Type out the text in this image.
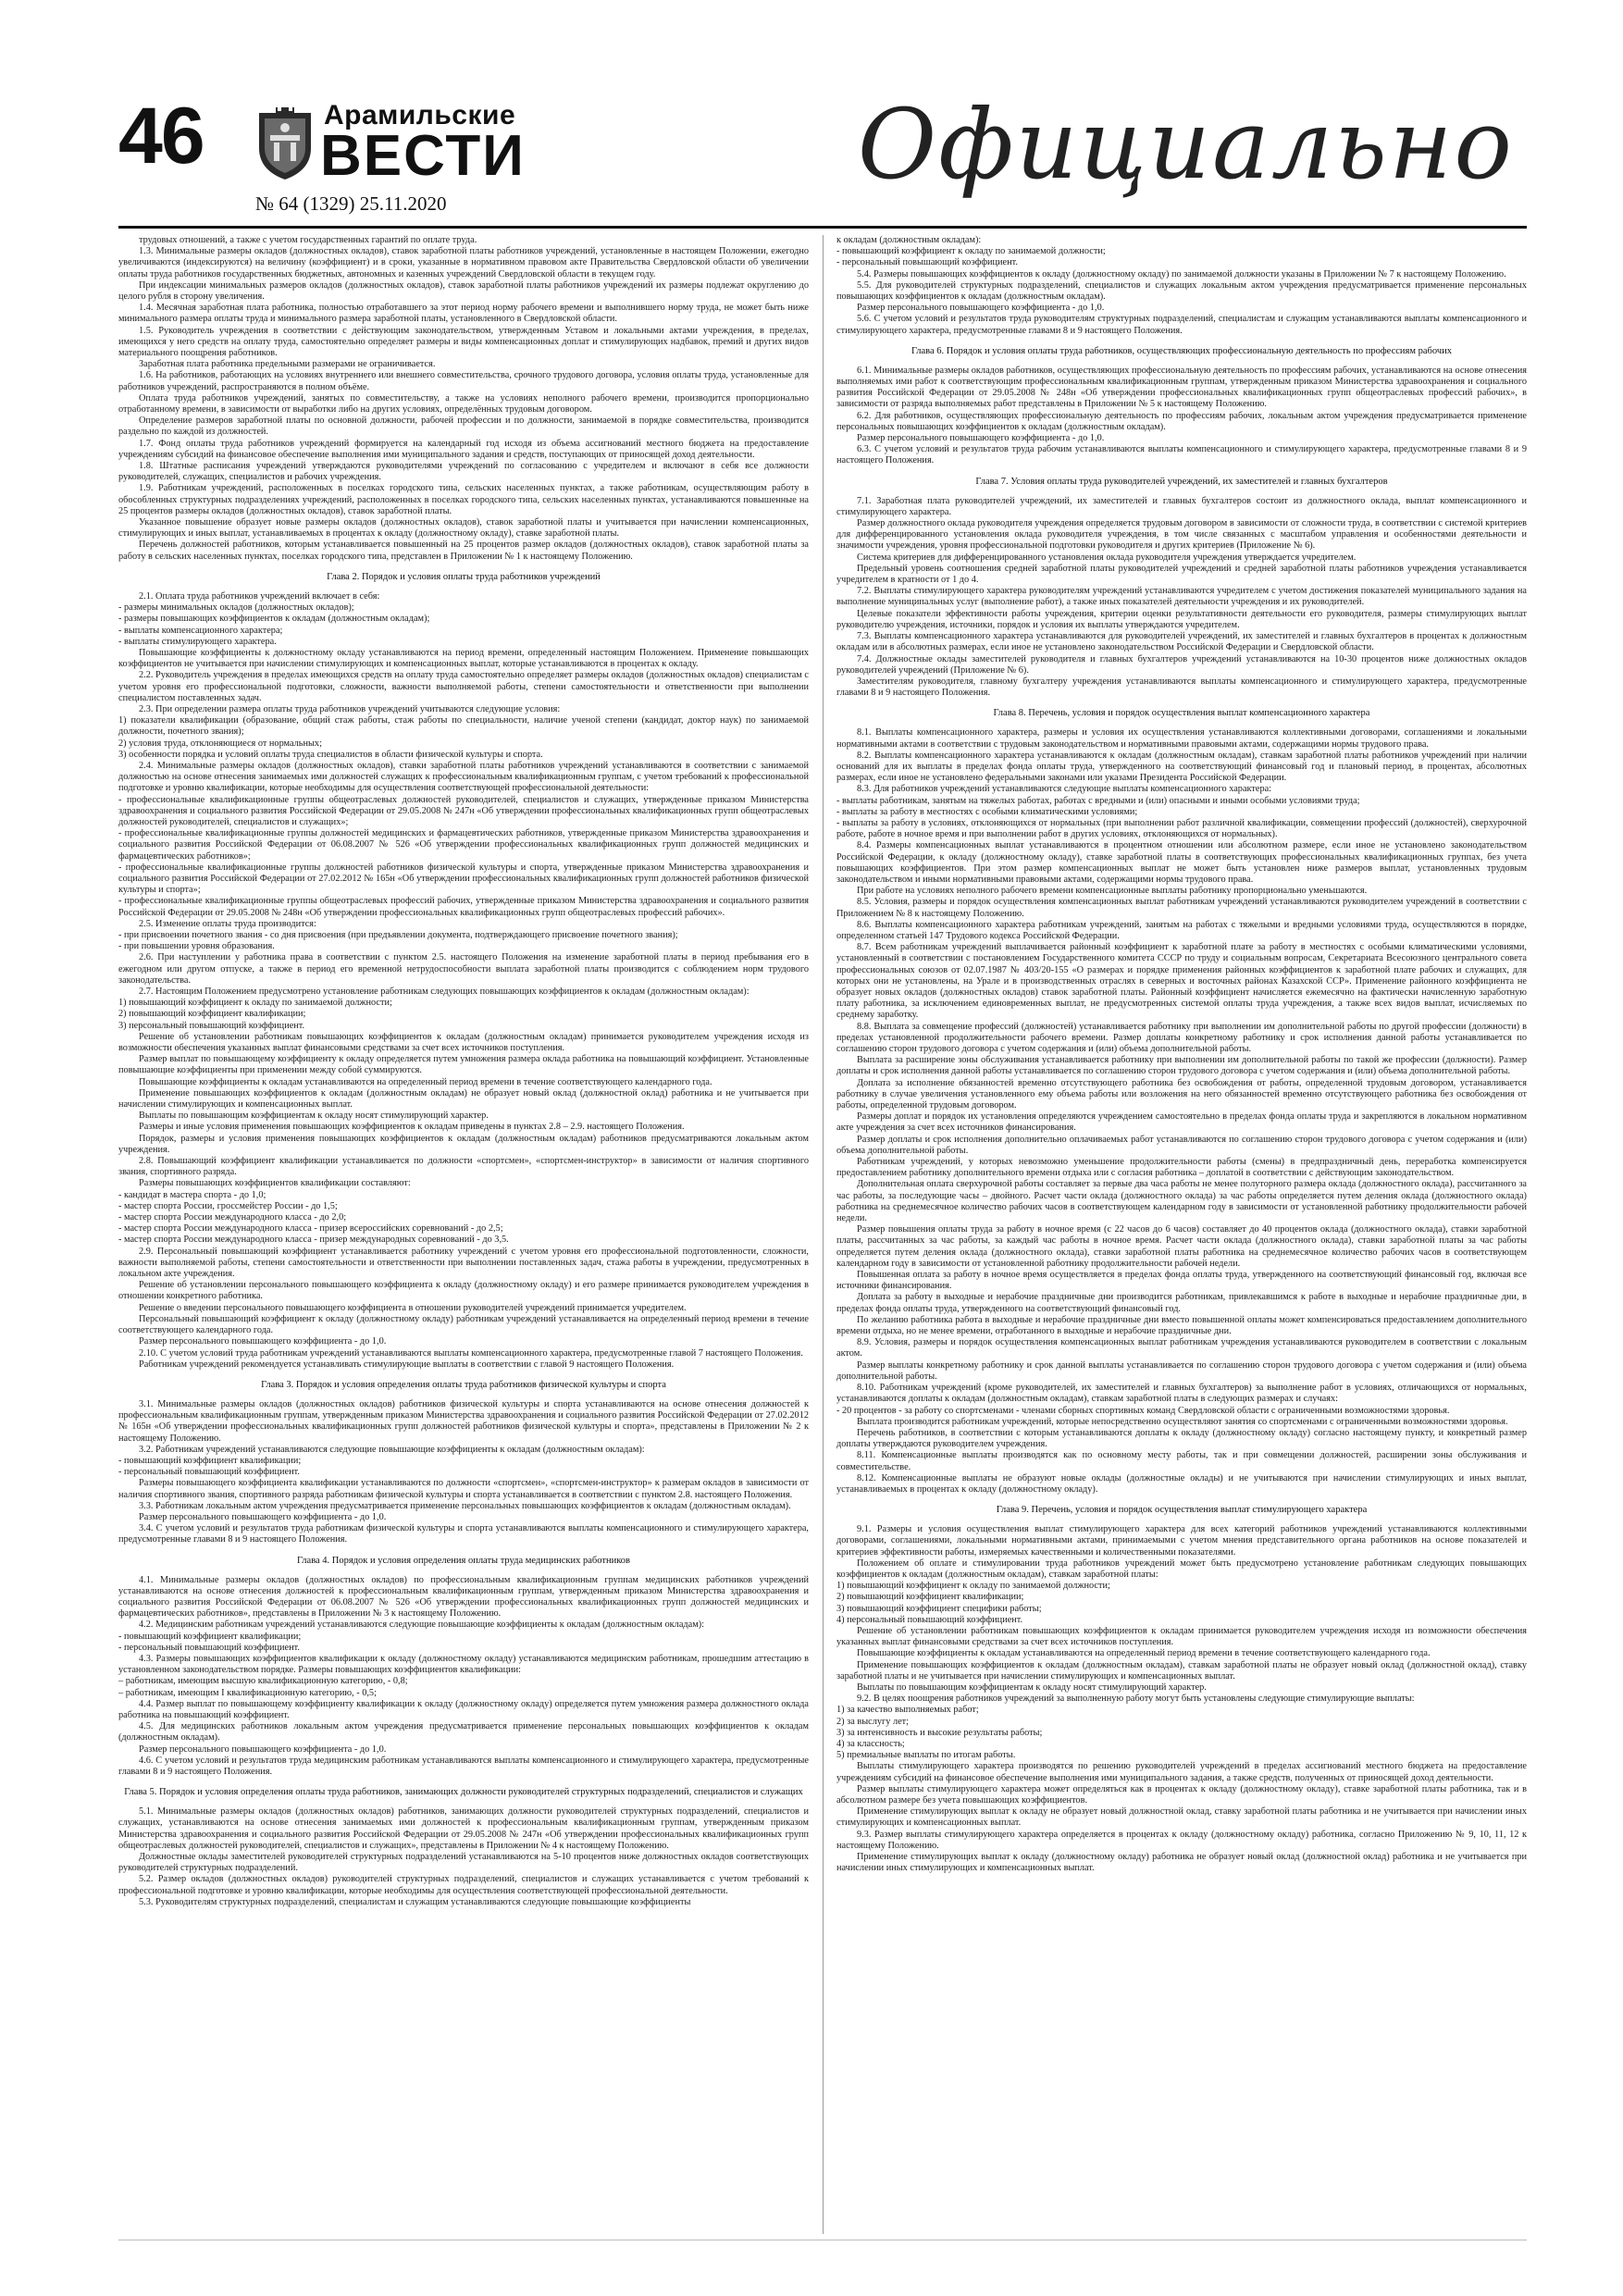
46	Арамильские
ВЕСТИ
№ 64 (1329) 25.11.2020
Официально

трудовых отношений, а также с учетом государственных гарантий по оплате труда.

1.3. Минимальные размеры окладов (должностных окладов), ставок заработной платы работников учреждений, установленные в настоящем Положении, ежегодно увеличиваются (индексируются) на величину (коэффициент) и в сроки, указанные в нормативном правовом акте Правительства Свердловской области об увеличении оплаты труда работников государственных бюджетных, автономных и казенных учреждений Свердловской области в текущем году.

При индексации минимальных размеров окладов (должностных окладов), ставок заработной платы работников учреждений их размеры подлежат округлению до целого рубля в сторону увеличения.

1.4. Месячная заработная плата работника, полностью отработавшего за этот период норму рабочего времени и выполнившего норму труда, не может быть ниже минимального размера оплаты труда и минимального размера заработной платы, установленного в Свердловской области.

1.5. Руководитель учреждения в соответствии с действующим законодательством, утвержденным Уставом и локальными актами учреждения, в пределах, имеющихся у него средств на оплату труда, самостоятельно определяет размеры и виды компенсационных доплат и стимулирующих надбавок, премий и других видов материального поощрения работников.

Заработная плата работника предельными размерами не ограничивается.

1.6. На работников, работающих на условиях внутреннего или внешнего совместительства, срочного трудового договора, условия оплаты труда, установленные для работников учреждений, распространяются в полном объёме.

Оплата труда работников учреждений, занятых по совместительству, а также на условиях неполного рабочего времени, производится пропорционально отработанному времени, в зависимости от выработки либо на других условиях, определённых трудовым договором.

Определение размеров заработной платы по основной должности, рабочей профессии и по должности, занимаемой в порядке совместительства, производится раздельно по каждой из должностей.

1.7. Фонд оплаты труда работников учреждений формируется на календарный год исходя из объема ассигнований местного бюджета на предоставление учреждениям субсидий на финансовое обеспечение выполнения ими муниципального задания и средств, поступающих от приносящей доход деятельности.

1.8. Штатные расписания учреждений утверждаются руководителями учреждений по согласованию с учредителем и включают в себя все должности руководителей, служащих, специалистов и рабочих учреждения.

1.9. Работникам учреждений, расположенных в поселках городского типа, сельских населенных пунктах, а также работникам, осуществляющим работу в обособленных структурных подразделениях учреждений, расположенных в поселках городского типа, сельских населенных пунктах, устанавливаются повышенные на 25 процентов размеры окладов (должностных окладов), ставок заработной платы.

Указанное повышение образует новые размеры окладов (должностных окладов), ставок заработной платы и учитывается при начислении компенсационных, стимулирующих и иных выплат, устанавливаемых в процентах к окладу (должностному окладу), ставке заработной платы.

Перечень должностей работников, которым устанавливается повышенный на 25 процентов размер окладов (должностных окладов), ставок заработной платы за работу в сельских населенных пунктах, поселках городского типа, представлен в Приложении № 1 к настоящему Положению.

Глава 2. Порядок и условия оплаты труда работников учреждений

2.1. Оплата труда работников учреждений включает в себя:

- размеры минимальных окладов (должностных окладов);

- размеры повышающих коэффициентов к окладам (должностным окладам);

- выплаты компенсационного характера;

- выплаты стимулирующего характера.

Повышающие коэффициенты к должностному окладу устанавливаются на период времени, определенный настоящим Положением. Применение повышающих коэффициентов не учитывается при начислении стимулирующих и компенсационных выплат, которые устанавливаются в процентах к окладу.

2.2. Руководитель учреждения в пределах имеющихся средств на оплату труда самостоятельно определяет размеры окладов (должностных окладов) специалистам с учетом уровня его профессиональной подготовки, сложности, важности выполняемой работы, степени самостоятельности и ответственности при выполнении специалистом поставленных задач.

2.3. При определении размера оплаты труда работников учреждений учитываются следующие условия:

1) показатели квалификации (образование, общий стаж работы, стаж работы по специальности, наличие ученой степени (кандидат, доктор наук) по занимаемой должности, почетного звания);

2) условия труда, отклоняющиеся от нормальных;

3) особенности порядка и условий оплаты труда специалистов в области физической культуры и спорта.

2.4. Минимальные размеры окладов (должностных окладов), ставки заработной платы работников учреждений устанавливаются в соответствии с занимаемой должностью на основе отнесения занимаемых ими должностей служащих к профессиональным квалификационным группам, с учетом требований к профессиональной подготовке и уровню квалификации, которые необходимы для осуществления соответствующей профессиональной деятельности:

- профессиональные квалификационные группы общеотраслевых должностей руководителей, специалистов и служащих, утвержденные приказом Министерства здравоохранения и социального развития Российской Федерации от 29.05.2008 № 247н «Об утверждении профессиональных квалификационных групп общеотраслевых должностей руководителей, специалистов и служащих»;

- профессиональные квалификационные группы должностей медицинских и фармацевтических работников, утвержденные приказом Министерства здравоохранения и социального развития Российской Федерации от 06.08.2007 № 526 «Об утверждении профессиональных квалификационных групп должностей медицинских и фармацевтических работников»;

- профессиональные квалификационные группы должностей работников физической культуры и спорта, утвержденные приказом Министерства здравоохранения и социального развития Российской Федерации от 27.02.2012 № 165н «Об утверждении профессиональных квалификационных групп должностей работников физической культуры и спорта»;

- профессиональные квалификационные группы общеотраслевых профессий рабочих, утвержденные приказом Министерства здравоохранения и социального развития Российской Федерации от 29.05.2008 № 248н «Об утверждении профессиональных квалификационных групп общеотраслевых профессий рабочих».

2.5. Изменение оплаты труда производится:

- при присвоении почетного звания - со дня присвоения (при предъявлении документа, подтверждающего присвоение почетного звания);

- при повышении уровня образования.

2.6. При наступлении у работника права в соответствии с пунктом 2.5. настоящего Положения на изменение заработной платы в период пребывания его в ежегодном или другом отпуске, а также в период его временной нетрудоспособности выплата заработной платы производится с соблюдением норм трудового законодательства.

2.7. Настоящим Положением предусмотрено установление работникам следующих повышающих коэффициентов к окладам (должностным окладам):

1) повышающий коэффициент к окладу по занимаемой должности;

2) повышающий коэффициент квалификации;

3) персональный повышающий коэффициент.

Решение об установлении работникам повышающих коэффициентов к окладам (должностным окладам) принимается руководителем учреждения исходя из возможности обеспечения указанных выплат финансовыми средствами за счет всех источников поступления.

Размер выплат по повышающему коэффициенту к окладу определяется путем умножения размера оклада работника на повышающий коэффициент. Установленные повышающие коэффициенты при применении между собой суммируются.

Повышающие коэффициенты к окладам устанавливаются на определенный период времени в течение соответствующего календарного года.

Применение повышающих коэффициентов к окладам (должностным окладам) не образует новый оклад (должностной оклад) работника и не учитывается при начислении стимулирующих и компенсационных выплат.

Выплаты по повышающим коэффициентам к окладу носят стимулирующий характер.

Размеры и иные условия применения повышающих коэффициентов к окладам приведены в пунктах 2.8 – 2.9. настоящего Положения.

Порядок, размеры и условия применения повышающих коэффициентов к окладам (должностным окладам) работников предусматриваются локальным актом учреждения.

2.8. Повышающий коэффициент квалификации устанавливается по должности «спортсмен», «спортсмен-инструктор» в зависимости от наличия спортивного звания, спортивного разряда.

Размеры повышающих коэффициентов квалификации составляют:

- кандидат в мастера спорта - до 1,0;

- мастер спорта России, гроссмейстер России - до 1,5;

- мастер спорта России международного класса - до 2,0;

- мастер спорта России международного класса - призер всероссийских соревнований - до 2,5;

- мастер спорта России международного класса - призер международных соревнований - до 3,5.

2.9. Персональный повышающий коэффициент устанавливается работнику учреждений с учетом уровня его профессиональной подготовленности, сложности, важности выполняемой работы, степени самостоятельности и ответственности при выполнении поставленных задач, стажа работы в учреждении, предусмотренных в локальном акте учреждения.

Решение об установлении персонального повышающего коэффициента к окладу (должностному окладу) и его размере принимается руководителем учреждения в отношении конкретного работника.

Решение о введении персонального повышающего коэффициента в отношении руководителей учреждений принимается учредителем.

Персональный повышающий коэффициент к окладу (должностному окладу) работникам учреждений устанавливается на определенный период времени в течение соответствующего календарного года.

Размер персонального повышающего коэффициента - до 1,0.

2.10. С учетом условий труда работникам учреждений устанавливаются выплаты компенсационного характера, предусмотренные главой 7 настоящего Положения.

Работникам учреждений рекомендуется устанавливать стимулирующие выплаты в соответствии с главой 9 настоящего Положения.

Глава 3. Порядок и условия определения оплаты труда работников физической культуры и спорта

3.1. Минимальные размеры окладов (должностных окладов) работников физической культуры и спорта устанавливаются на основе отнесения должностей к профессиональным квалификационным группам, утвержденным приказом Министерства здравоохранения и социального развития Российской Федерации от 27.02.2012 № 165н «Об утверждении профессиональных квалификационных групп должностей работников физической культуры и спорта», представлены в Приложении № 2 к настоящему Положению.

3.2. Работникам учреждений устанавливаются следующие повышающие коэффициенты к окладам (должностным окладам):

- повышающий коэффициент квалификации;

- персональный повышающий коэффициент.

Размеры повышающего коэффициента квалификации устанавливаются по должности «спортсмен», «спортсмен-инструктор» к размерам окладов в зависимости от наличия спортивного звания, спортивного разряда работникам физической культуры и спорта устанавливается в соответствии с пунктом 2.8. настоящего Положения.

3.3. Работникам локальным актом учреждения предусматривается применение персональных повышающих коэффициентов к окладам (должностным окладам).

Размер персонального повышающего коэффициента - до 1,0.

3.4. С учетом условий и результатов труда работникам физической культуры и спорта устанавливаются выплаты компенсационного и стимулирующего характера, предусмотренные главами 8 и 9 настоящего Положения.

Глава 4. Порядок и условия определения оплаты труда медицинских работников

4.1. Минимальные размеры окладов (должностных окладов) по профессиональным квалификационным группам медицинских работников учреждений устанавливаются на основе отнесения должностей к профессиональным квалификационным группам, утвержденным приказом Министерства здравоохранения и социального развития Российской Федерации от 06.08.2007 № 526 «Об утверждении профессиональных квалификационных групп должностей медицинских и фармацевтических работников», представлены в Приложении № 3 к настоящему Положению.

4.2. Медицинским работникам учреждений устанавливаются следующие повышающие коэффициенты к окладам (должностным окладам):

- повышающий коэффициент квалификации;

- персональный повышающий коэффициент.

4.3. Размеры повышающих коэффициентов квалификации к окладу (должностному окладу) устанавливаются медицинским работникам, прошедшим аттестацию в установленном законодательством порядке. Размеры повышающих коэффициентов квалификации:

– работникам, имеющим высшую квалификационную категорию, - 0,8;

– работникам, имеющим I квалификационную категорию, - 0,5;

4.4. Размер выплат по повышающему коэффициенту квалификации к окладу (должностному окладу) определяется путем умножения размера должностного оклада работника на повышающий коэффициент.

4.5. Для медицинских работников локальным актом учреждения предусматривается применение персональных повышающих коэффициентов к окладам (должностным окладам).

Размер персонального повышающего коэффициента - до 1,0.

4.6. С учетом условий и результатов труда медицинским работникам устанавливаются выплаты компенсационного и стимулирующего характера, предусмотренные главами 8 и 9 настоящего Положения.

Глава 5. Порядок и условия определения оплаты труда работников, занимающих должности руководителей структурных подразделений, специалистов и служащих

5.1. Минимальные размеры окладов (должностных окладов) работников, занимающих должности руководителей структурных подразделений, специалистов и служащих, устанавливаются на основе отнесения занимаемых ими должностей к профессиональным квалификационным группам, утвержденным приказом Министерства здравоохранения и социального развития Российской Федерации от 29.05.2008 № 247н «Об утверждении профессиональных квалификационных групп общеотраслевых должностей руководителей, специалистов и служащих», представлены в Приложении № 4 к настоящему Положению.

Должностные оклады заместителей руководителей структурных подразделений устанавливаются на 5-10 процентов ниже должностных окладов соответствующих руководителей структурных подразделений.

5.2. Размер окладов (должностных окладов) руководителей структурных подразделений, специалистов и служащих устанавливается с учетом требований к профессиональной подготовке и уровню квалификации, которые необходимы для осуществления соответствующей профессиональной деятельности.

5.3. Руководителям структурных подразделений, специалистам и служащим устанавливаются следующие повышающие коэффициенты

к окладам (должностным окладам):

- повышающий коэффициент к окладу по занимаемой должности;

- персональный повышающий коэффициент.

5.4. Размеры повышающих коэффициентов к окладу (должностному окладу) по занимаемой должности указаны в Приложении № 7 к настоящему Положению.

5.5. Для руководителей структурных подразделений, специалистов и служащих локальным актом учреждения предусматривается применение персональных повышающих коэффициентов к окладам (должностным окладам).

Размер персонального повышающего коэффициента - до 1,0.

5.6. С учетом условий и результатов труда руководителям структурных подразделений, специалистам и служащим устанавливаются выплаты компенсационного и стимулирующего характера, предусмотренные главами 8 и 9 настоящего Положения.

Глава 6. Порядок и условия оплаты труда работников, осуществляющих профессиональную деятельность по профессиям рабочих

6.1. Минимальные размеры окладов работников, осуществляющих профессиональную деятельность по профессиям рабочих, устанавливаются на основе отнесения выполняемых ими работ к соответствующим профессиональным квалификационным группам, утвержденным приказом Министерства здравоохранения и социального развития Российской Федерации от 29.05.2008 № 248н «Об утверждении профессиональных квалификационных групп общеотраслевых профессий рабочих», в зависимости от разряда выполняемых работ представлены в Приложении № 5 к настоящему Положению.

6.2. Для работников, осуществляющих профессиональную деятельность по профессиям рабочих, локальным актом учреждения предусматривается применение персональных повышающих коэффициентов к окладам (должностным окладам).

Размер персонального повышающего коэффициента - до 1,0.

6.3. С учетом условий и результатов труда рабочим устанавливаются выплаты компенсационного и стимулирующего характера, предусмотренные главами 8 и 9 настоящего Положения.

Глава 7. Условия оплаты труда руководителей учреждений, их заместителей и главных бухгалтеров

7.1. Заработная плата руководителей учреждений, их заместителей и главных бухгалтеров состоит из должностного оклада, выплат компенсационного и стимулирующего характера.

Размер должностного оклада руководителя учреждения определяется трудовым договором в зависимости от сложности труда, в соответствии с системой критериев для дифференцированного установления оклада руководителя учреждения, в том числе связанных с масштабом управления и особенностями деятельности и значимости учреждения, уровня профессиональной подготовки руководителя и других критериев (Приложение № 6).

Система критериев для дифференцированного установления оклада руководителя учреждения утверждается учредителем.

Предельный уровень соотношения средней заработной платы руководителей учреждений и средней заработной платы работников учреждения устанавливается учредителем в кратности от 1 до 4.

7.2. Выплаты стимулирующего характера руководителям учреждений устанавливаются учредителем с учетом достижения показателей муниципального задания на выполнение муниципальных услуг (выполнение работ), а также иных показателей деятельности учреждения и их руководителей.

Целевые показатели эффективности работы учреждения, критерии оценки результативности деятельности его руководителя, размеры стимулирующих выплат руководителю учреждения, источники, порядок и условия их выплаты утверждаются учредителем.

7.3. Выплаты компенсационного характера устанавливаются для руководителей учреждений, их заместителей и главных бухгалтеров в процентах к должностным окладам или в абсолютных размерах, если иное не установлено законодательством Российской Федерации и Свердловской области.

7.4. Должностные оклады заместителей руководителя и главных бухгалтеров учреждений устанавливаются на 10-30 процентов ниже должностных окладов руководителей учреждений (Приложение № 6).

Заместителям руководителя, главному бухгалтеру учреждения устанавливаются выплаты компенсационного и стимулирующего характера, предусмотренные главами 8 и 9 настоящего Положения.

Глава 8. Перечень, условия и порядок осуществления выплат компенсационного характера

8.1. Выплаты компенсационного характера, размеры и условия их осуществления устанавливаются коллективными договорами, соглашениями и локальными нормативными актами в соответствии с трудовым законодательством и нормативными правовыми актами, содержащими нормы трудового права.

8.2. Выплаты компенсационного характера устанавливаются к окладам (должностным окладам), ставкам заработной платы работников учреждений при наличии оснований для их выплаты в пределах фонда оплаты труда, утвержденного на соответствующий финансовый год и плановый период, в процентах, абсолютных размерах, если иное не установлено федеральными законами или указами Президента Российской Федерации.

8.3. Для работников учреждений устанавливаются следующие выплаты компенсационного характера:

- выплаты работникам, занятым на тяжелых работах, работах с вредными и (или) опасными и иными особыми условиями труда;

- выплаты за работу в местностях с особыми климатическими условиями;

- выплаты за работу в условиях, отклоняющихся от нормальных (при выполнении работ различной квалификации, совмещении профессий (должностей), сверхурочной работе, работе в ночное время и при выполнении работ в других условиях, отклоняющихся от нормальных).

8.4. Размеры компенсационных выплат устанавливаются в процентном отношении или абсолютном размере, если иное не установлено законодательством Российской Федерации, к окладу (должностному окладу), ставке заработной платы в соответствующих профессиональных квалификационных группах, без учета повышающих коэффициентов. При этом размер компенсационных выплат не может быть установлен ниже размеров выплат, установленных трудовым законодательством и иными нормативными правовыми актами, содержащими нормы трудового права.

При работе на условиях неполного рабочего времени компенсационные выплаты работнику пропорционально уменьшаются.

8.5. Условия, размеры и порядок осуществления компенсационных выплат работникам учреждений устанавливаются руководителем учреждений в соответствии с Приложением № 8 к настоящему Положению.

8.6. Выплаты компенсационного характера работникам учреждений, занятым на работах с тяжелыми и вредными условиями труда, осуществляются в порядке, определенном статьей 147 Трудового кодекса Российской Федерации.

8.7. Всем работникам учреждений выплачивается районный коэффициент к заработной плате за работу в местностях с особыми климатическими условиями, установленный в соответствии с постановлением Государственного комитета СССР по труду и социальным вопросам, Секретариата Всесоюзного центрального совета профессиональных союзов от 02.07.1987 № 403/20-155 «О размерах и порядке применения районных коэффициентов к заработной плате рабочих и служащих, для которых они не установлены, на Урале и в производственных отраслях в северных и восточных районах Казахской ССР». Применение районного коэффициента не образует новых окладов (должностных окладов) ставок заработной платы. Районный коэффициент начисляется ежемесячно на фактически начисленную заработную плату работника, за исключением единовременных выплат, не предусмотренных системой оплаты труда учреждения, а также всех видов выплат, исчисляемых по среднему заработку.

8.8. Выплата за совмещение профессий (должностей) устанавливается работнику при выполнении им дополнительной работы по другой профессии (должности) в пределах установленной продолжительности рабочего времени. Размер доплаты конкретному работнику и срок исполнения данной работы устанавливается по соглашению сторон трудового договора с учетом содержания и (или) объема дополнительной работы.

Выплата за расширение зоны обслуживания устанавливается работнику при выполнении им дополнительной работы по такой же профессии (должности). Размер доплаты и срок исполнения данной работы устанавливается по соглашению сторон трудового договора с учетом содержания и (или) объема дополнительной работы.

Доплата за исполнение обязанностей временно отсутствующего работника без освобождения от работы, определенной трудовым договором, устанавливается работнику в случае увеличения установленного ему объема работы или возложения на него обязанностей временно отсутствующего работника без освобождения от работы, определенной трудовым договором.

Размеры доплат и порядок их установления определяются учреждением самостоятельно в пределах фонда оплаты труда и закрепляются в локальном нормативном акте учреждения за счет всех источников финансирования.

Размер доплаты и срок исполнения дополнительно оплачиваемых работ устанавливаются по соглашению сторон трудового договора с учетом содержания и (или) объема дополнительной работы.

Работникам учреждений, у которых невозможно уменьшение продолжительности работы (смены) в предпраздничный день, переработка компенсируется предоставлением работнику дополнительного времени отдыха или с согласия работника – доплатой в соответствии с действующим законодательством.

Дополнительная оплата сверхурочной работы составляет за первые два часа работы не менее полуторного размера оклада (должностного оклада), рассчитанного за час работы, за последующие часы – двойного. Расчет части оклада (должностного оклада) за час работы определяется путем деления оклада (должностного оклада) работника на среднемесячное количество рабочих часов в соответствующем календарном году в зависимости от установленной работнику продолжительности рабочей недели.

Размер повышения оплаты труда за работу в ночное время (с 22 часов до 6 часов) составляет до 40 процентов оклада (должностного оклада), ставки заработной платы, рассчитанных за час работы, за каждый час работы в ночное время. Расчет части оклада (должностного оклада), ставки заработной платы за час работы определяется путем деления оклада (должностного оклада), ставки заработной платы работника на среднемесячное количество рабочих часов в соответствующем календарном году в зависимости от установленной работнику продолжительности рабочей недели.

Повышенная оплата за работу в ночное время осуществляется в пределах фонда оплаты труда, утвержденного на соответствующий финансовый год, включая все источники финансирования.

Доплата за работу в выходные и нерабочие праздничные дни производится работникам, привлекавшимся к работе в выходные и нерабочие праздничные дни, в пределах фонда оплаты труда, утвержденного на соответствующий финансовый год.

По желанию работника работа в выходные и нерабочие праздничные дни вместо повышенной оплаты может компенсироваться предоставлением дополнительного времени отдыха, но не менее времени, отработанного в выходные и нерабочие праздничные дни.

8.9. Условия, размеры и порядок осуществления компенсационных выплат работникам учреждения устанавливаются руководителем в соответствии с локальным актом.

Размер выплаты конкретному работнику и срок данной выплаты устанавливается по соглашению сторон трудового договора с учетом содержания и (или) объема дополнительной работы.

8.10. Работникам учреждений (кроме руководителей, их заместителей и главных бухгалтеров) за выполнение работ в условиях, отличающихся от нормальных, устанавливаются доплаты к окладам (должностным окладам), ставкам заработной платы в следующих размерах и случаях:

- 20 процентов - за работу со спортсменами - членами сборных спортивных команд Свердловской области с ограниченными возможностями здоровья.

Выплата производится работникам учреждений, которые непосредственно осуществляют занятия со спортсменами с ограниченными возможностями здоровья.

Перечень работников, в соответствии с которым устанавливаются доплаты к окладу (должностному окладу) согласно настоящему пункту, и конкретный размер доплаты утверждаются руководителем учреждения.

8.11. Компенсационные выплаты производятся как по основному месту работы, так и при совмещении должностей, расширении зоны обслуживания и совместительстве.

8.12. Компенсационные выплаты не образуют новые оклады (должностные оклады) и не учитываются при начислении стимулирующих и иных выплат, устанавливаемых в процентах к окладу (должностному окладу).

Глава 9. Перечень, условия и порядок осуществления выплат стимулирующего характера

9.1. Размеры и условия осуществления выплат стимулирующего характера для всех категорий работников учреждений устанавливаются коллективными договорами, соглашениями, локальными нормативными актами, принимаемыми с учетом мнения представительного органа работников на основе показателей и критериев эффективности работы, измеряемых качественными и количественными показателями.

Положением об оплате и стимулировании труда работников учреждений может быть предусмотрено установление работникам следующих повышающих коэффициентов к окладам (должностным окладам), ставкам заработной платы:

1) повышающий коэффициент к окладу по занимаемой должности;

2) повышающий коэффициент квалификации;

3) повышающий коэффициент специфики работы;

4) персональный повышающий коэффициент.

Решение об установлении работникам повышающих коэффициентов к окладам принимается руководителем учреждения исходя из возможности обеспечения указанных выплат финансовыми средствами за счет всех источников поступления.

Повышающие коэффициенты к окладам устанавливаются на определенный период времени в течение соответствующего календарного года.

Применение повышающих коэффициентов к окладам (должностным окладам), ставкам заработной платы не образует новый оклад (должностной оклад), ставку заработной платы и не учитывается при начислении стимулирующих и компенсационных выплат.

Выплаты по повышающим коэффициентам к окладу носят стимулирующий характер.

9.2. В целях поощрения работников учреждений за выполненную работу могут быть установлены следующие стимулирующие выплаты:

1) за качество выполняемых работ;

2) за выслугу лет;

3) за интенсивность и высокие результаты работы;

4) за классность;

5) премиальные выплаты по итогам работы.

Выплаты стимулирующего характера производятся по решению руководителей учреждений в пределах ассигнований местного бюджета на предоставление учреждениям субсидий на финансовое обеспечение выполнения ими муниципального задания, а также средств, полученных от приносящей доход деятельности.

Размер выплаты стимулирующего характера может определяться как в процентах к окладу (должностному окладу), ставке заработной платы работника, так и в абсолютном размере без учета повышающих коэффициентов.

Применение стимулирующих выплат к окладу не образует новый должностной оклад, ставку заработной платы работника и не учитывается при начислении иных стимулирующих и компенсационных выплат.

9.3. Размер выплаты стимулирующего характера определяется в процентах к окладу (должностному окладу) работника, согласно Приложению № 9, 10, 11, 12 к настоящему Положению.

Применение стимулирующих выплат к окладу (должностному окладу) работника не образует новый оклад (должностной оклад) работника и не учитывается при начислении иных стимулирующих и компенсационных выплат.
